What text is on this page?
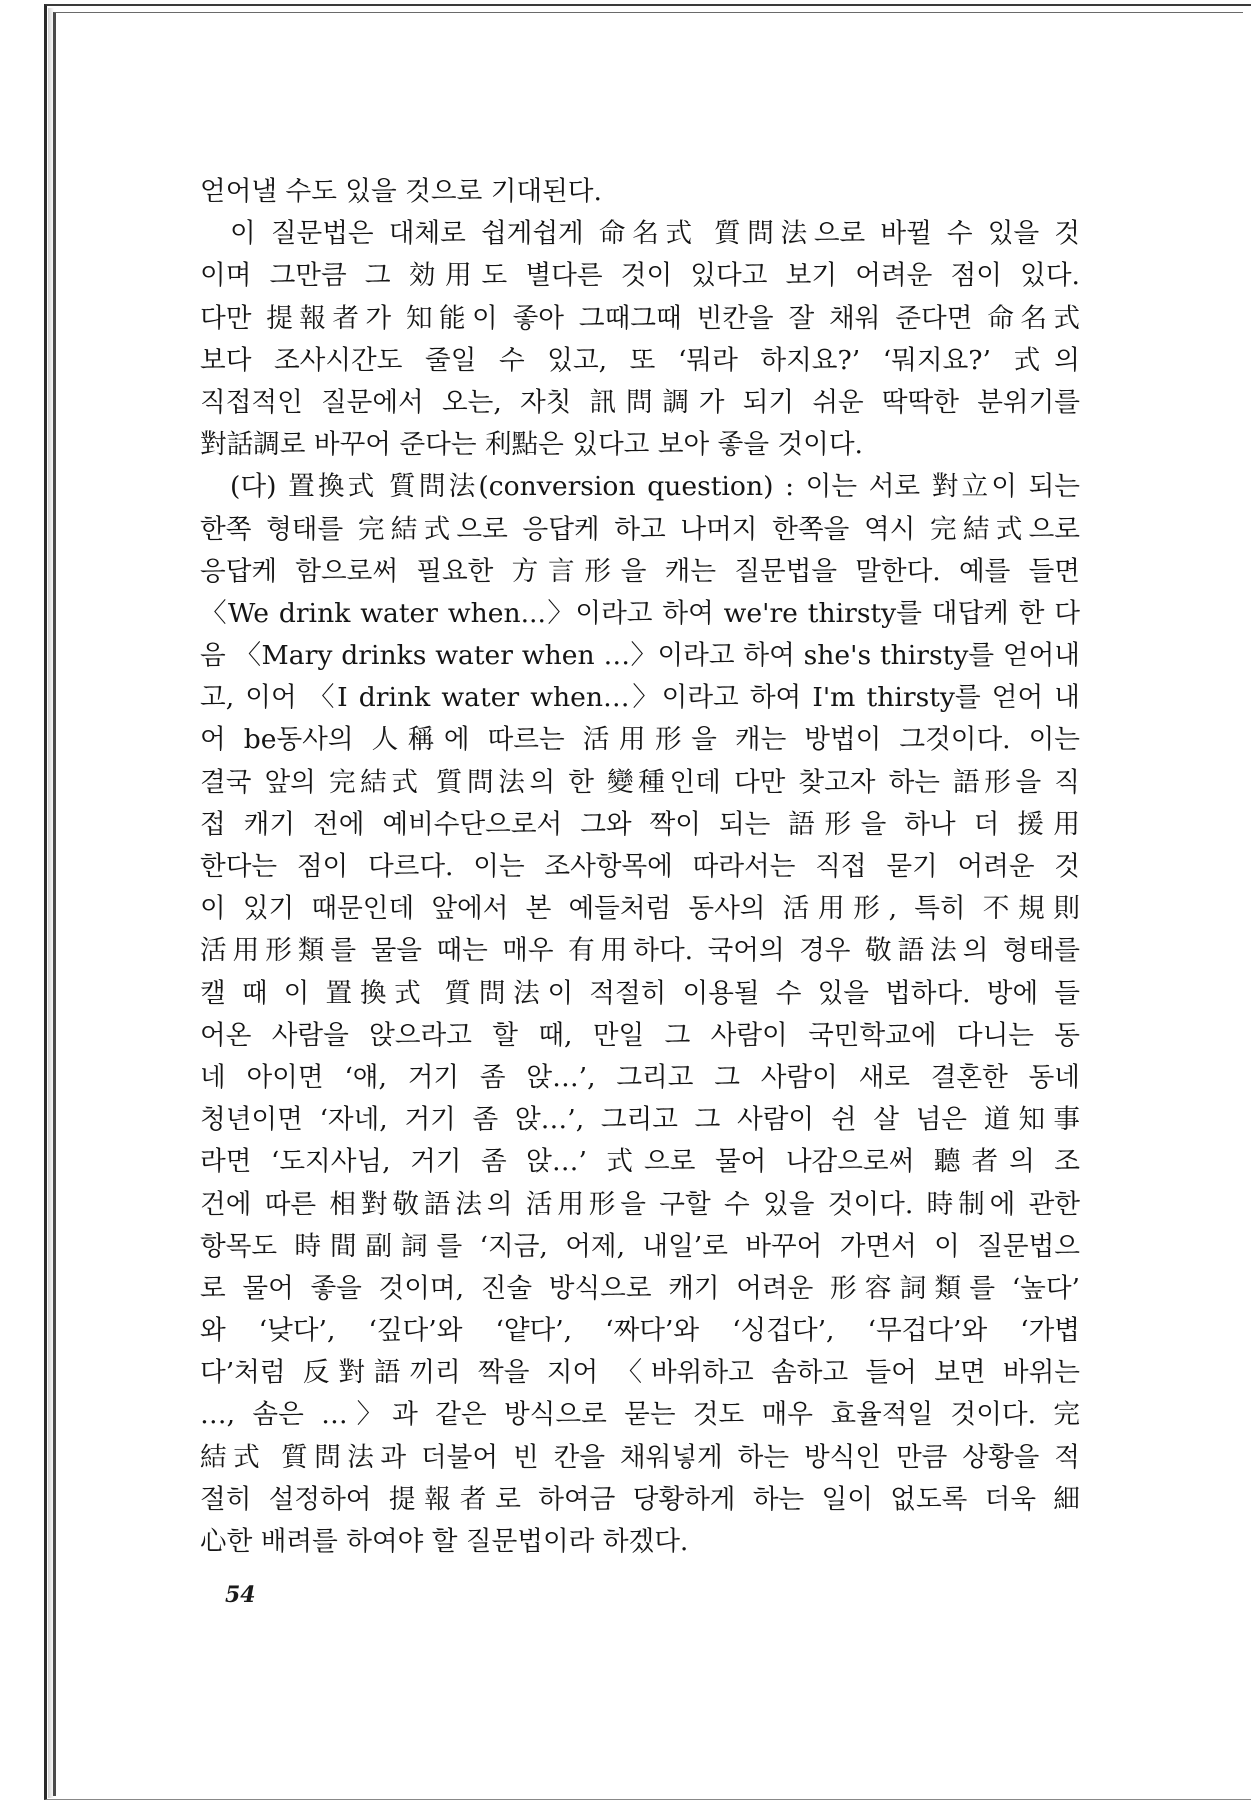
얻어낼 수도 있을 것으로 기대된다.
이 질문법은 대체로 쉽게쉽게 命名式 質問法으로 바뀔 수 있을 것
이며 그만큼 그 効用도 별다른 것이 있다고 보기 어려운 점이 있다.
다만 提報者가 知能이 좋아 그때그때 빈칸을 잘 채워 준다면 命名式
보다 조사시간도 줄일 수 있고, 또 ‘뭐라 하지요?’ ‘뭐지요?’ 式의
직접적인 질문에서 오는, 자칫 訊問調가 되기 쉬운 딱딱한 분위기를
對話調로 바꾸어 준다는 利點은 있다고 보아 좋을 것이다.
(다) 置換式 質問法(conversion question) : 이는 서로 對立이 되는
한쪽 형태를 完結式으로 응답케 하고 나머지 한쪽을 역시 完結式으로
응답케 함으로써 필요한 方言形을 캐는 질문법을 말한다. 예를 들면
〈We drink water when...〉이라고 하여 we're thirsty를 대답케 한 다
음 〈Mary drinks water when …〉이라고 하여 she's thirsty를 얻어내
고, 이어 〈I drink water when…〉이라고 하여 I'm thirsty를 얻어 내
어 be동사의 人稱에 따르는 活用形을 캐는 방법이 그것이다. 이는
결국 앞의 完結式 質問法의 한 變種인데 다만 찾고자 하는 語形을 직
접 캐기 전에 예비수단으로서 그와 짝이 되는 語形을 하나 더 援用
한다는 점이 다르다. 이는 조사항목에 따라서는 직접 묻기 어려운 것
이 있기 때문인데 앞에서 본 예들처럼 동사의 活用形, 특히 不規則
活用形類를 물을 때는 매우 有用하다. 국어의 경우 敬語法의 형태를
캘 때 이 置換式 質問法이 적절히 이용될 수 있을 법하다. 방에 들
어온 사람을 앉으라고 할 때, 만일 그 사람이 국민학교에 다니는 동
네 아이면 ‘얘, 거기 좀 앉…’, 그리고 그 사람이 새로 결혼한 동네
청년이면 ‘자네, 거기 좀 앉…’, 그리고 그 사람이 쉰 살 넘은 道知事
라면 ‘도지사님, 거기 좀 앉…’ 式으로 물어 나감으로써 聽者의 조
건에 따른 相對敬語法의 活用形을 구할 수 있을 것이다. 時制에 관한
항목도 時間副詞를 ‘지금, 어제, 내일’로 바꾸어 가면서 이 질문법으
로 물어 좋을 것이며, 진술 방식으로 캐기 어려운 形容詞類를 ‘높다’
와 ‘낮다’, ‘깊다’와 ‘얕다’, ‘짜다’와 ‘싱겁다’, ‘무겁다’와 ‘가볍
다’처럼 反對語끼리 짝을 지어 〈바위하고 솜하고 들어 보면 바위는
…, 솜은 …〉과 같은 방식으로 묻는 것도 매우 효율적일 것이다. 完
結式 質問法과 더불어 빈 칸을 채워넣게 하는 방식인 만큼 상황을 적
절히 설정하여 提報者로 하여금 당황하게 하는 일이 없도록 더욱 細
心한 배려를 하여야 할 질문법이라 하겠다.
54
